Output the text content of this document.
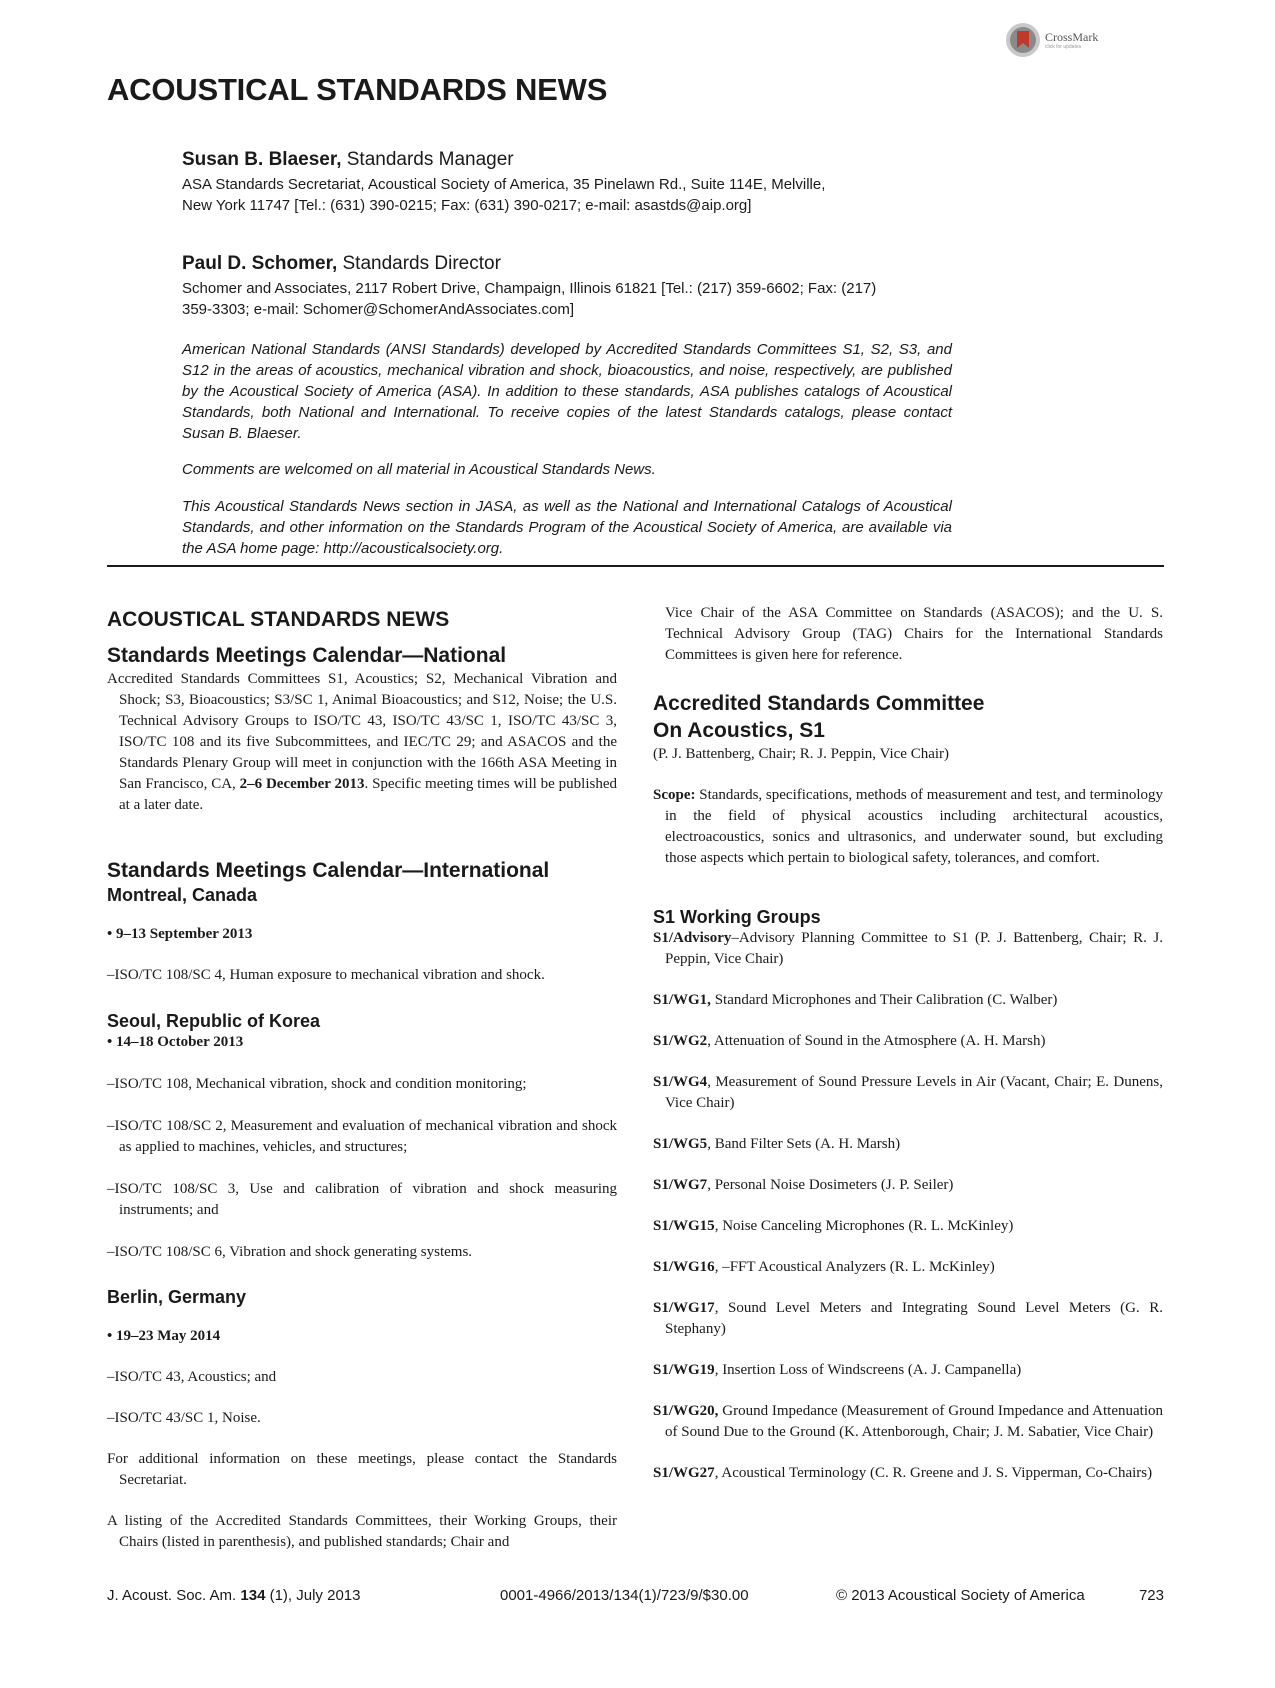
CrossMark
click for updates
ACOUSTICAL STANDARDS NEWS
Susan B. Blaeser, Standards Manager
ASA Standards Secretariat, Acoustical Society of America, 35 Pinelawn Rd., Suite 114E, Melville,
New York 11747 [Tel.: (631) 390-0215; Fax: (631) 390-0217; e-mail: asastds@aip.org]
Paul D. Schomer, Standards Director
Schomer and Associates, 2117 Robert Drive, Champaign, Illinois 61821 [Tel.: (217) 359-6602; Fax: (217)
359-3303; e-mail: Schomer@SchomerAndAssociates.com]

American National Standards (ANSI Standards) developed by Accredited Standards Committees S1, S2, S3, and S12 in the areas of acoustics, mechanical vibration and shock, bioacoustics, and noise, respectively, are published by the Acoustical Society of America (ASA). In addition to these standards, ASA publishes catalogs of Acoustical Standards, both National and International. To receive copies of the latest Standards catalogs, please contact Susan B. Blaeser.

Comments are welcomed on all material in Acoustical Standards News.

This Acoustical Standards News section in JASA, as well as the National and International Catalogs of Acoustical Standards, and other information on the Standards Program of the Acoustical Society of America, are available via the ASA home page: http://acousticalsociety.org.

ACOUSTICAL STANDARDS NEWS
Standards Meetings Calendar—National

Accredited Standards Committees S1, Acoustics; S2, Mechanical Vibration and Shock; S3, Bioacoustics; S3/SC 1, Animal Bioacoustics; and S12, Noise; the U.S. Technical Advisory Groups to ISO/TC 43, ISO/TC 43/SC 1, ISO/TC 43/SC 3, ISO/TC 108 and its five Subcommittees, and IEC/TC 29; and ASACOS and the Standards Plenary Group will meet in conjunction with the 166th ASA Meeting in San Francisco, CA, 2–6 December 2013. Specific meeting times will be published at a later date.

Standards Meetings Calendar—International
Montreal, Canada

• 9–13 September 2013

–ISO/TC 108/SC 4, Human exposure to mechanical vibration and shock.

Seoul, Republic of Korea

• 14–18 October 2013

–ISO/TC 108, Mechanical vibration, shock and condition monitoring;

–ISO/TC 108/SC 2, Measurement and evaluation of mechanical vibration and shock as applied to machines, vehicles, and structures;

–ISO/TC 108/SC 3, Use and calibration of vibration and shock measuring instruments; and

–ISO/TC 108/SC 6, Vibration and shock generating systems.

Berlin, Germany

• 19–23 May 2014

–ISO/TC 43, Acoustics; and

–ISO/TC 43/SC 1, Noise.

For additional information on these meetings, please contact the Standards Secretariat.

A listing of the Accredited Standards Committees, their Working Groups, their Chairs (listed in parenthesis), and published standards; Chair and

Vice Chair of the ASA Committee on Standards (ASACOS); and the U. S. Technical Advisory Group (TAG) Chairs for the International Standards Committees is given here for reference.

Accredited Standards Committee
On Acoustics, S1

(P. J. Battenberg, Chair; R. J. Peppin, Vice Chair)

Scope: Standards, specifications, methods of measurement and test, and terminology in the field of physical acoustics including architectural acoustics, electroacoustics, sonics and ultrasonics, and underwater sound, but excluding those aspects which pertain to biological safety, tolerances, and comfort.

S1 Working Groups

S1/Advisory–Advisory Planning Committee to S1 (P. J. Battenberg, Chair; R. J. Peppin, Vice Chair)

S1/WG1, Standard Microphones and Their Calibration (C. Walber)

S1/WG2, Attenuation of Sound in the Atmosphere (A. H. Marsh)

S1/WG4, Measurement of Sound Pressure Levels in Air (Vacant, Chair; E. Dunens, Vice Chair)

S1/WG5, Band Filter Sets (A. H. Marsh)

S1/WG7, Personal Noise Dosimeters (J. P. Seiler)

S1/WG15, Noise Canceling Microphones (R. L. McKinley)

S1/WG16, –FFT Acoustical Analyzers (R. L. McKinley)

S1/WG17, Sound Level Meters and Integrating Sound Level Meters (G. R. Stephany)

S1/WG19, Insertion Loss of Windscreens (A. J. Campanella)

S1/WG20, Ground Impedance (Measurement of Ground Impedance and Attenuation of Sound Due to the Ground (K. Attenborough, Chair; J. M. Sabatier, Vice Chair)

S1/WG27, Acoustical Terminology (C. R. Greene and J. S. Vipperman, Co-Chairs)

J. Acoust. Soc. Am. 134 (1), July 2013	0001-4966/2013/134(1)/723/9/$30.00	© 2013 Acoustical Society of America	723
